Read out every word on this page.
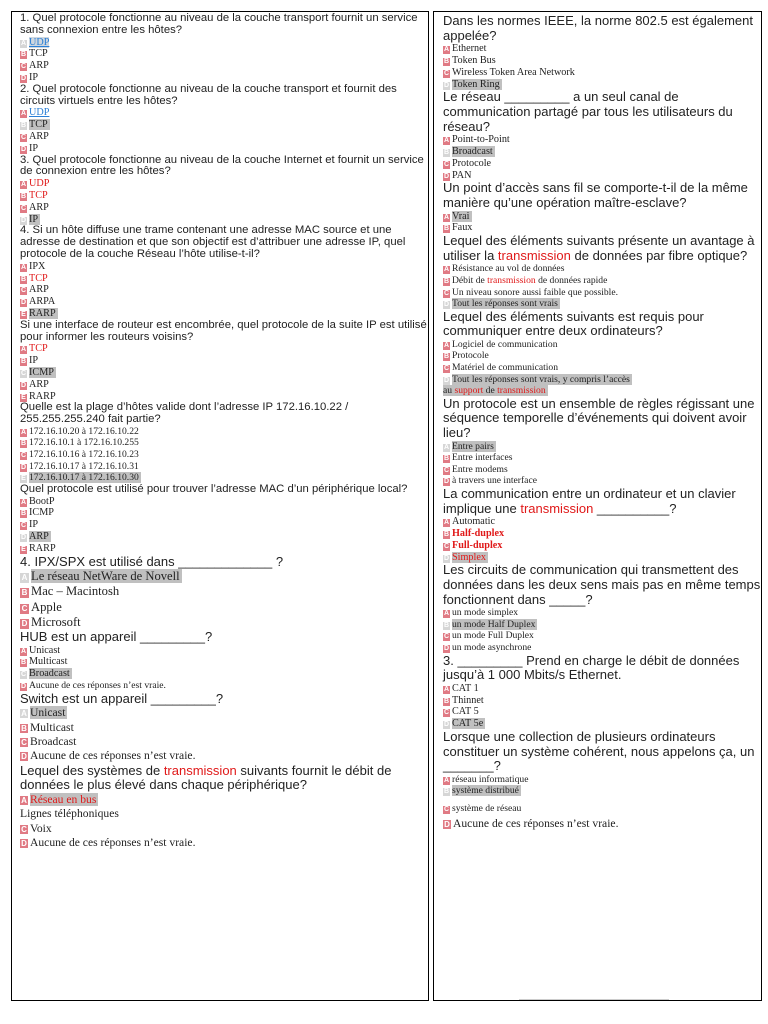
1. Quel protocole fonctionne au niveau de la couche transport fournit un service sans connexion entre les hôtes?

A UDP
B TCP
C ARP
D IP

2. Quel protocole fonctionne au niveau de la couche transport et fournit des circuits virtuels entre les hôtes?

A UDP
B TCP
C ARP
D IP

3. Quel protocole fonctionne au niveau de la couche Internet et fournit un service de connexion entre les hôtes?

A UDP
B TCP
C ARP
D IP

4. Si un hôte diffuse une trame contenant une adresse MAC source et une adresse de destination et que son objectif est d’attribuer une adresse IP, quel protocole de la couche Réseau l’hôte utilise-t-il?

A IPX
B TCP
C ARP
D ARPA
E RARP

Si une interface de routeur est encombrée, quel protocole de la suite IP est utilisé pour informer les routeurs voisins?

A TCP
B IP
C ICMP
D ARP
E RARP

Quelle est la plage d’hôtes valide dont l’adresse IP 172.16.10.22 / 255.255.255.240 fait partie?

A 172.16.10.20 à 172.16.10.22
B 172.16.10.1 à 172.16.10.255
C 172.16.10.16 à 172.16.10.23
D 172.16.10.17 à 172.16.10.31
E 172.16.10.17 à 172.16.10.30

Quel protocole est utilisé pour trouver l’adresse MAC d’un périphérique local?

A BootP
B ICMP
C IP
D ARP
E RARP

4. IPX/SPX est utilisé dans _____________ ?

A Le réseau NetWare de Novell
B Mac – Macintosh
C Apple
D Microsoft

HUB est un appareil _________?

A Unicast
B Multicast
C Broadcast
D Aucune de ces réponses n’est vraie.

Switch est un appareil _________?

A Unicast
B Multicast
C Broadcast
D Aucune de ces réponses n’est vraie.

Lequel des systèmes de transmission suivants fournit le débit de données le plus élevé dans chaque périphérique?

A Réseau en bus
Lignes téléphoniques
C Voix
D Aucune de ces réponses n’est vraie.

Dans les normes IEEE, la norme 802.5 est également appelée?

A Ethernet
B Token Bus
C Wireless Token Area Network
D Token Ring

Le réseau _________ a un seul canal de communication partagé par tous les utilisateurs du réseau?

A Point-to-Point
B Broadcast
C Protocole
D PAN

Un point d’accès sans fil se comporte-t-il de la même manière qu’une opération maître-esclave?

A Vrai
B Faux

Lequel des éléments suivants présente un avantage à utiliser la transmission de données par fibre optique?

A Résistance au vol de données
B Débit de transmission de données rapide
C Un niveau sonore aussi faible que possible.
D Tout les réponses sont vrais

Lequel des éléments suivants est requis pour communiquer entre deux ordinateurs?

A Logiciel de communication
B Protocole
C Matériel de communication
D Tout les réponses sont vrais, y compris l’accès
au support de transmission

Un protocole est un ensemble de règles régissant une séquence temporelle d’événements qui doivent avoir lieu?

A Entre pairs
B Entre interfaces
C Entre modems
D à travers une interface

La communication entre un ordinateur et un clavier implique une transmission __________?

A Automatic
B Half-duplex
C Full-duplex
D Simplex

Les circuits de communication qui transmettent des données dans les deux sens mais pas en même temps fonctionnent dans _____?

A un mode simplex
B un mode Half Duplex
C un mode Full Duplex
D un mode asynchrone

3. _________ Prend en charge le débit de données jusqu’à 1 000 Mbits/s Ethernet.

A CAT 1
B Thinnet
C CAT 5
D CAT 5e

Lorsque une collection de plusieurs ordinateurs constituer un système cohérent, nous appelons ça, un _______?

A réseau informatique
B système distribué
C système de réseau
D Aucune de ces réponses n’est vraie.
